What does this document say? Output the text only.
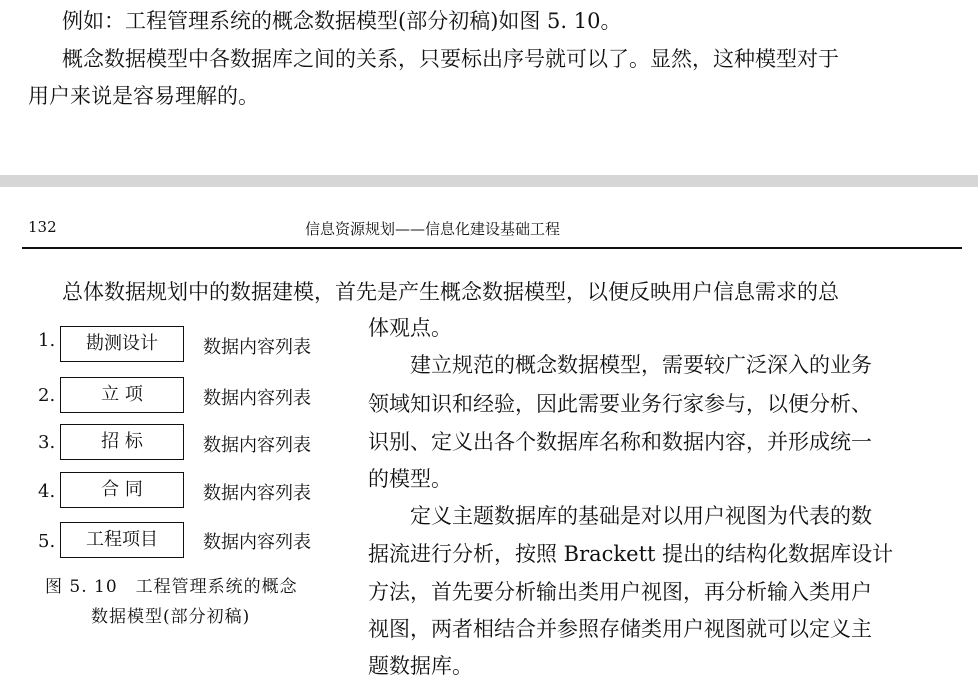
例如：工程管理系统的概念数据模型(部分初稿)如图 5. 10。
概念数据模型中各数据库之间的关系，只要标出序号就可以了。显然，这种模型对于
用户来说是容易理解的。
132	信息资源规划——信息化建设基础工程
总体数据规划中的数据建模，首先是产生概念数据模型，以便反映用户信息需求的总
体观点。
建立规范的概念数据模型，需要较广泛深入的业务
领域知识和经验，因此需要业务行家参与，以便分析、
识别、定义出各个数据库名称和数据内容，并形成统一
的模型。
定义主题数据库的基础是对以用户视图为代表的数
据流进行分析，按照 Brackett 提出的结构化数据库设计
方法，首先要分析输出类用户视图，再分析输入类用户
视图，两者相结合并参照存储类用户视图就可以定义主
题数据库。
1.	勘测设计	数据内容列表
2.	立 项	数据内容列表
3.	招 标	数据内容列表
4.	合 同	数据内容列表
5.	工程项目	数据内容列表
图 5. 10　工程管理系统的概念
数据模型(部分初稿)
